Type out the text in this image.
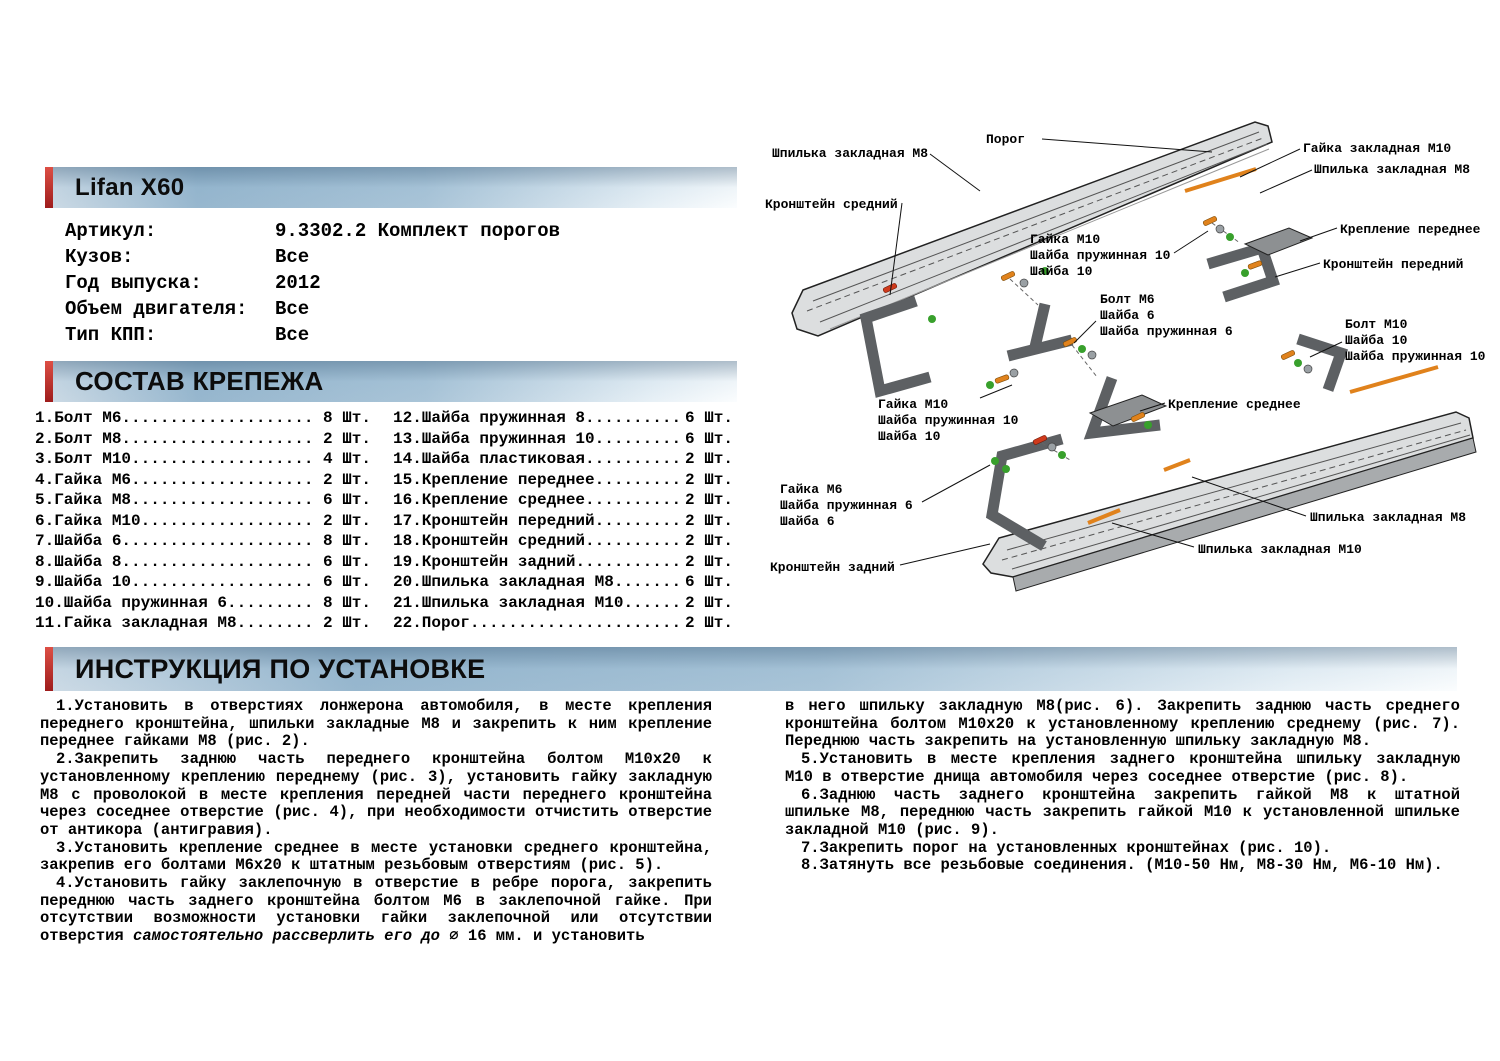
Порог
Шпилька закладная М8
Кронштейн средний
Гайка закладная М10
Шпилька закладная М8
Гайка М10
Шайба пружинная 10
Шайба 10
Крепление переднее
Кронштейн передний
Болт М6
Шайба 6
Шайба пружинная 6	Болт М10
Шайба 10
Шайба пружинная 10
Гайка М10
Шайба пружинная 10
Шайба 10
Крепление среднее
Гайка М6
Шайба пружинная 6
Шайба 6	Шпилька закладная М8
Шпилька закладная М10
Кронштейн задний
Lifan X60
Артикул:	9.3302.2 Комплект порогов
Кузов:	Все
Год выпуска:	2012
Объем двигателя:	Все
Тип КПП:	Все
СОСТАВ КРЕПЕЖА
1.Болт М6 .....	8 Шт.
2.Болт М8 .....	2 Шт.
3.Болт М10 .....	4 Шт.
4.Гайка М6 .....	2 Шт.
5.Гайка М8 .....	6 Шт.
6.Гайка М10 .....	2 Шт.
7.Шайба 6 .....	8 Шт.
8.Шайба 8 .....	6 Шт.
9.Шайба 10 .....	6 Шт.
10.Шайба пружинная 6 .....	8 Шт.
11.Гайка закладная М8 .....	2 Шт.
12.Шайба пружинная 8 .....	6 Шт.
13.Шайба пружинная 10 .....	6 Шт.
14.Шайба пластиковая .....	2 Шт.
15.Крепление переднее .....	2 Шт.
16.Крепление среднее .....	2 Шт.
17.Кронштейн передний .....	2 Шт.
18.Кронштейн средний .....	2 Шт.
19.Кронштейн задний .....	2 Шт.
20.Шпилька закладная М8 .....	6 Шт.
21.Шпилька закладная М10 .....	2 Шт.
22.Порог .....	2 Шт.
ИНСТРУКЦИЯ ПО УСТАНОВКЕ

1.Установить в отверстиях лонжерона автомобиля, в месте крепления переднего кронштейна, шпильки закладные М8 и закрепить к ним крепление переднее гайками М8 (рис. 2).

2.Закрепить заднюю часть переднего кронштейна болтом М10х20 к установленному креплению переднему (рис. 3), установить гайку закладную М8 с проволокой в месте крепления передней части переднего кронштейна через соседнее отверстие (рис. 4), при необходимости отчистить отверстие от антикора (антигравия).

3.Установить крепление среднее в месте установки среднего кронштейна, закрепив его болтами М6х20 к штатным резьбовым отверстиям (рис. 5).

4.Установить гайку заклепочную в отверстие в ребре порога, закрепить переднюю часть заднего кронштейна болтом М6 в заклепочной гайке. При отсутствии возможности установки гайки заклепочной или отсутствии отверстия самостоятельно рассверлить его до ⌀ 16 мм. и установить

в него шпильку закладную М8(рис. 6). Закрепить заднюю часть среднего кронштейна болтом М10х20 к установленному креплению среднему (рис. 7). Переднюю часть закрепить на установленную шпильку закладную М8.

5.Установить в месте крепления заднего кронштейна шпильку закладную М10 в отверстие днища автомобиля через соседнее отверстие (рис. 8).

6.Заднюю часть заднего кронштейна закрепить гайкой М8 к штатной шпильке М8, переднюю часть закрепить гайкой М10 к установленной шпильке закладной М10 (рис. 9).

7.Закрепить порог на установленных кронштейнах (рис. 10).

8.Затянуть все резьбовые соединения. (М10-50 Нм, М8-30 Нм, М6-10 Нм).
